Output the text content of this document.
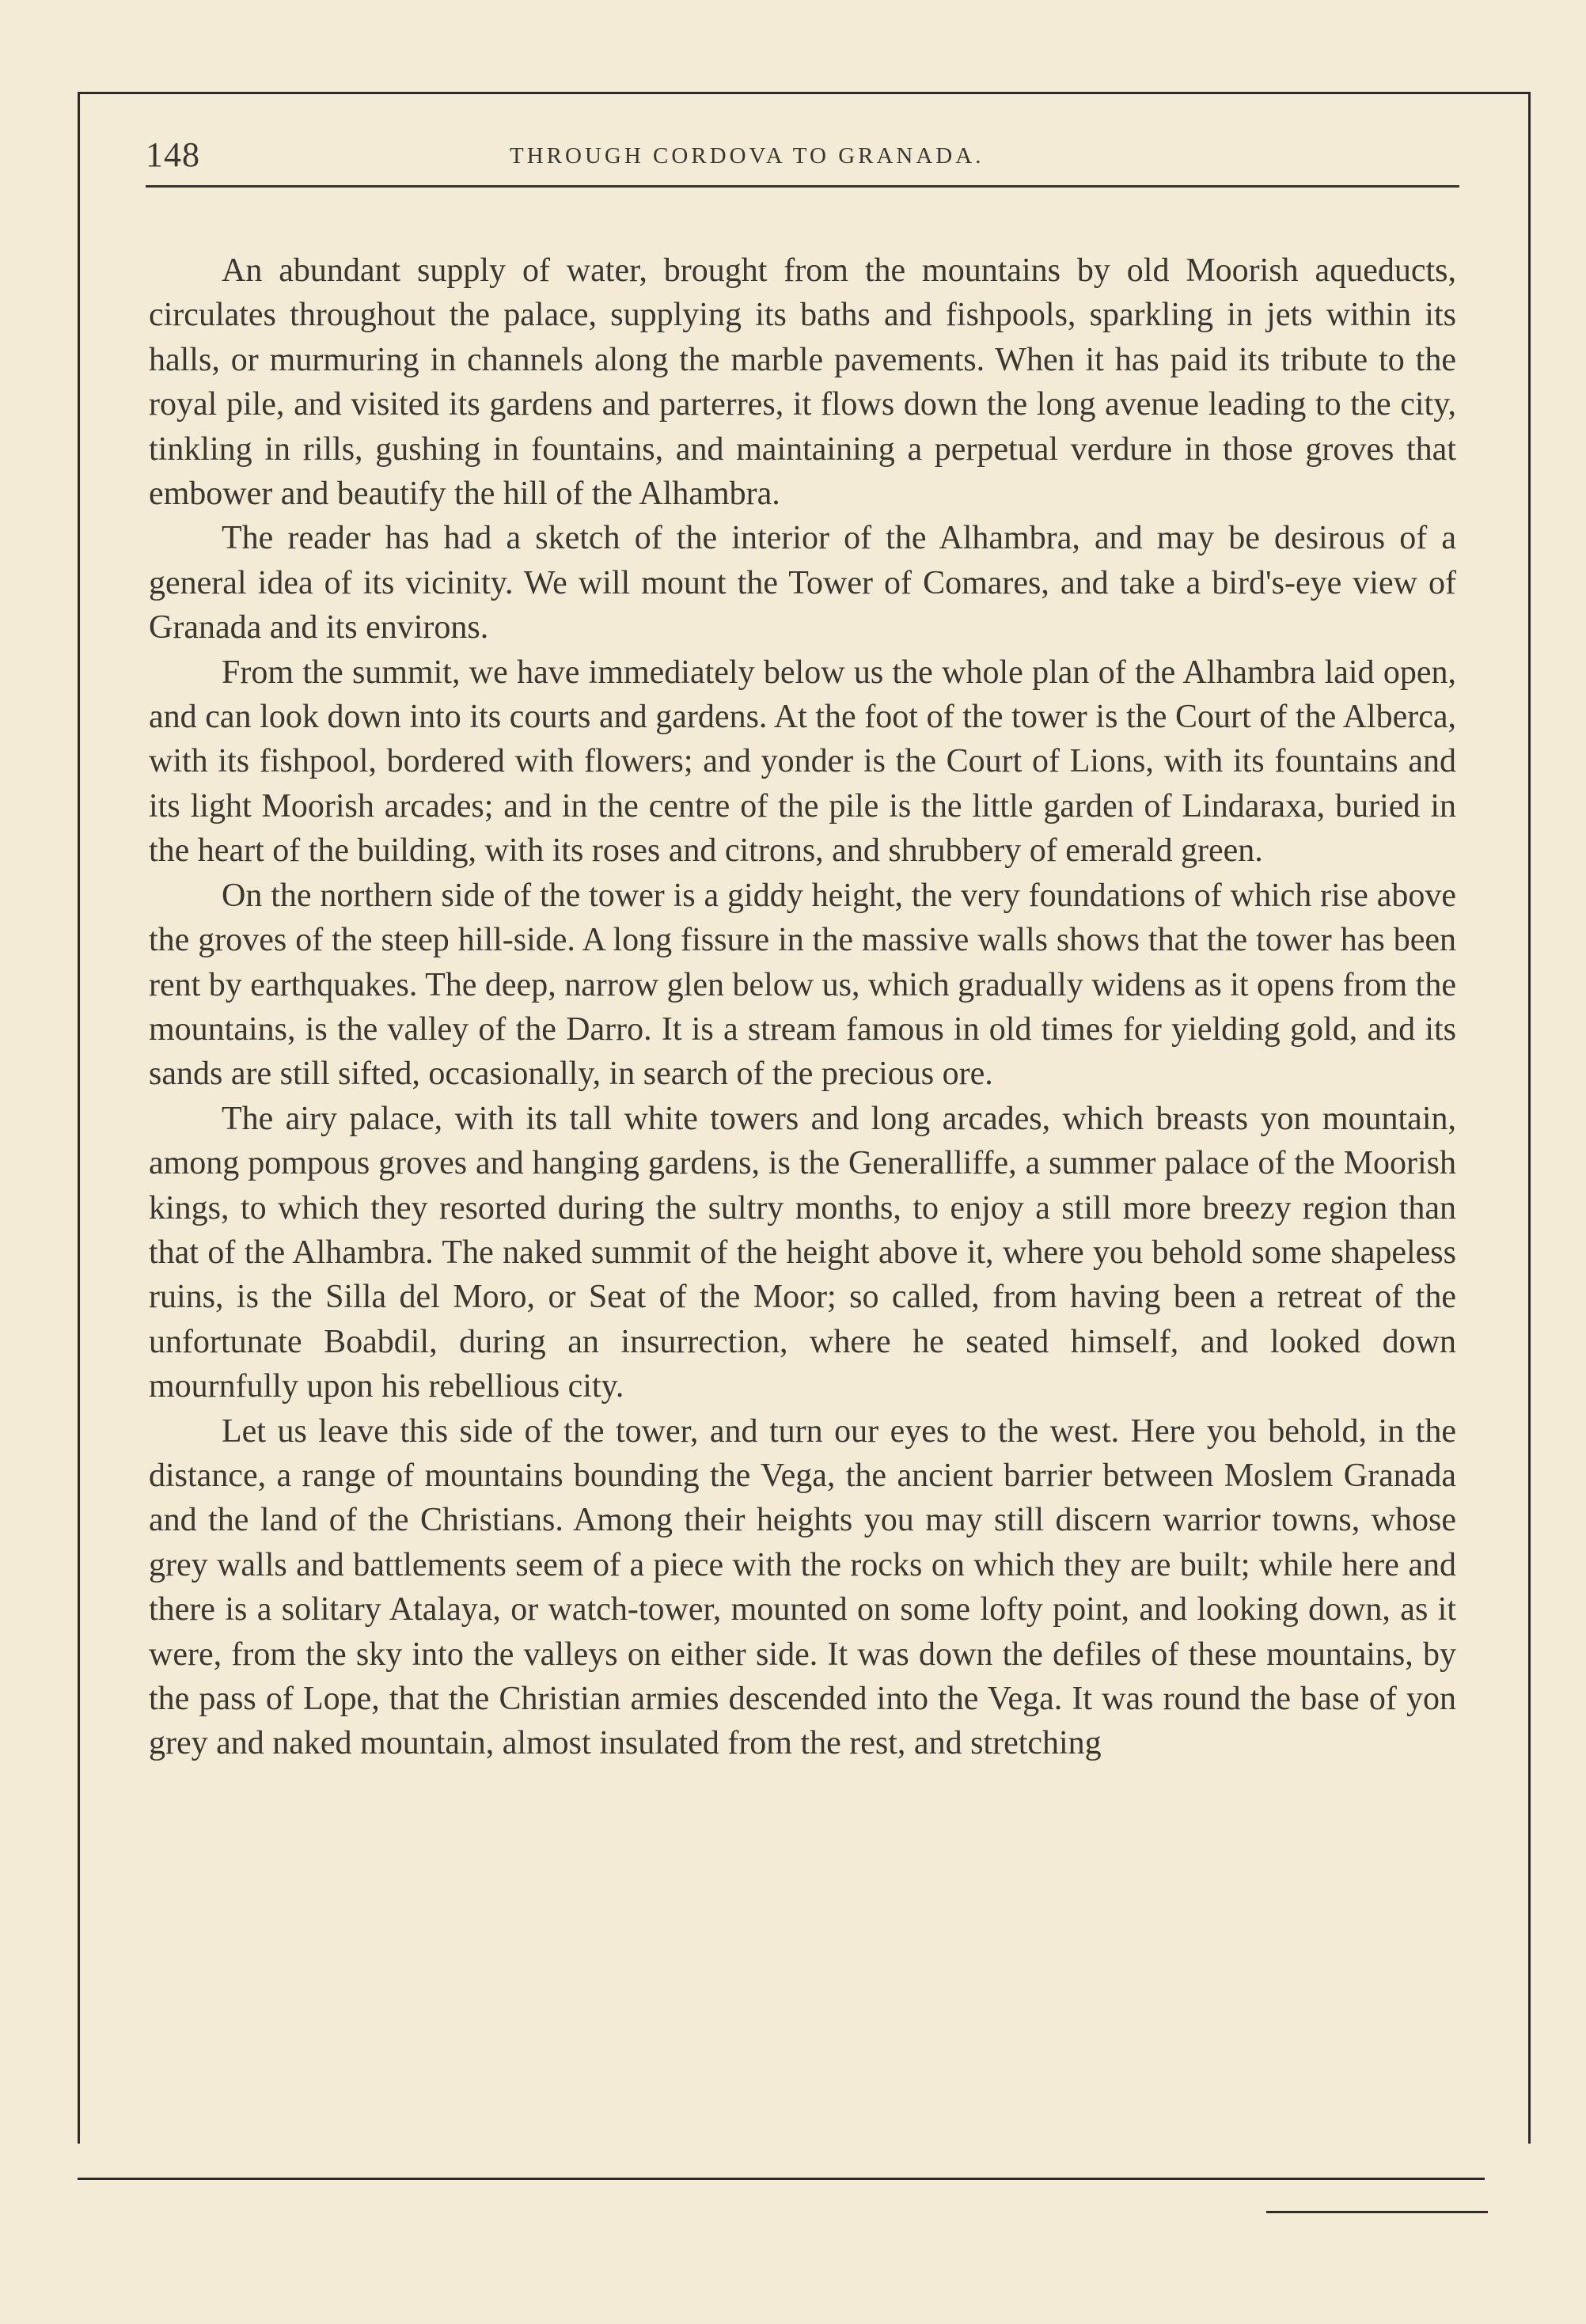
148	THROUGH CORDOVA TO GRANADA.

An abundant supply of water, brought from the mountains by old Moorish aqueducts, circulates throughout the palace, supplying its baths and fishpools, sparkling in jets within its halls, or murmuring in channels along the marble pavements. When it has paid its tribute to the royal pile, and visited its gardens and parterres, it flows down the long avenue leading to the city, tinkling in rills, gushing in fountains, and maintaining a perpetual verdure in those groves that embower and beautify the hill of the Alhambra.

The reader has had a sketch of the interior of the Alhambra, and may be desirous of a general idea of its vicinity. We will mount the Tower of Comares, and take a bird's-eye view of Granada and its environs.

From the summit, we have immediately below us the whole plan of the Alhambra laid open, and can look down into its courts and gardens. At the foot of the tower is the Court of the Alberca, with its fishpool, bordered with flowers; and yonder is the Court of Lions, with its fountains and its light Moorish arcades; and in the centre of the pile is the little garden of Lindaraxa, buried in the heart of the building, with its roses and citrons, and shrubbery of emerald green.

On the northern side of the tower is a giddy height, the very foundations of which rise above the groves of the steep hill-side. A long fissure in the massive walls shows that the tower has been rent by earthquakes. The deep, narrow glen below us, which gradually widens as it opens from the mountains, is the valley of the Darro. It is a stream famous in old times for yielding gold, and its sands are still sifted, occasionally, in search of the precious ore.

The airy palace, with its tall white towers and long arcades, which breasts yon mountain, among pompous groves and hanging gardens, is the Generalliffe, a summer palace of the Moorish kings, to which they resorted during the sultry months, to enjoy a still more breezy region than that of the Alhambra. The naked summit of the height above it, where you behold some shapeless ruins, is the Silla del Moro, or Seat of the Moor; so called, from having been a retreat of the unfortunate Boabdil, during an insurrection, where he seated himself, and looked down mournfully upon his rebellious city.

Let us leave this side of the tower, and turn our eyes to the west. Here you behold, in the distance, a range of mountains bounding the Vega, the ancient barrier between Moslem Granada and the land of the Christians. Among their heights you may still discern warrior towns, whose grey walls and battlements seem of a piece with the rocks on which they are built; while here and there is a solitary Atalaya, or watch-tower, mounted on some lofty point, and looking down, as it were, from the sky into the valleys on either side. It was down the defiles of these mountains, by the pass of Lope, that the Christian armies descended into the Vega. It was round the base of yon grey and naked mountain, almost insulated from the rest, and stretching
